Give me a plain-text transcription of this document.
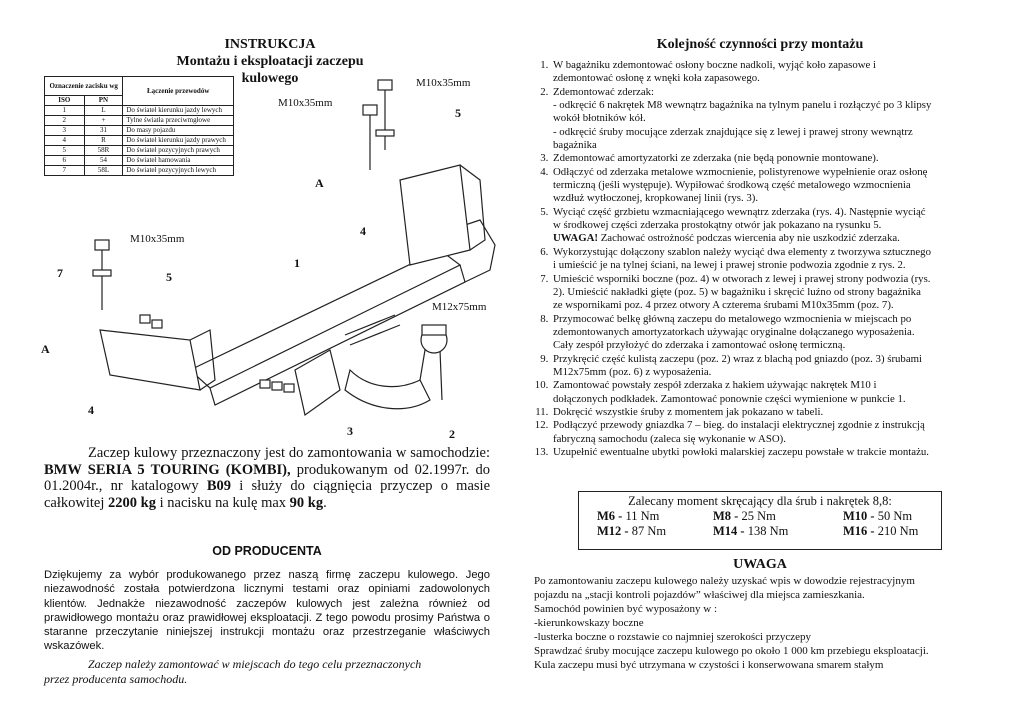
INSTRUKCJA
Montażu i eksploatacji zaczepu kulowego
Oznaczenie zacisku wg		Łączenie przewodów
ISO	PN	
1	L	Do świateł kierunku jazdy lewych
2	+	Tylne światła przeciwmgłowe
3	31	Do masy pojazdu
4	R	Do świateł kierunku jazdy prawych
5	58R	Do świateł pozycyjnych prawych
6	54	Do świateł hamowania
7	58L	Do świateł pozycyjnych lewych
M10x35mm
M10x35mm
M10x35mm
M12x75mm
A
A
1
2
3
4
4
5
5
7
Zaczep kulowy przeznaczony jest do zamontowania w samochodzie: BMW SERIA 5 TOURING (KOMBI), produkowanym od 02.1997r. do 01.2004r., nr katalogowy B09 i służy do ciągnięcia przyczep o masie całkowitej 2200 kg i nacisku na kulę max 90 kg.
OD PRODUCENTA
Dziękujemy za wybór produkowanego przez naszą firmę zaczepu kulowego. Jego niezawodność została potwierdzona licznymi testami oraz opiniami zadowolonych klientów. Jednakże niezawodność zaczepów kulowych jest zależna również od prawidłowego montażu oraz prawidłowej eksploatacji. Z tego powodu prosimy Państwa o staranne przeczytanie niniejszej instrukcji montażu oraz przestrzeganie właściwych wskazówek.
Zaczep należy zamontować w miejscach do tego celu przeznaczonych
przez producenta samochodu.
Kolejność czynności przy montażu
1. W bagażniku zdemontować osłony boczne nadkoli, wyjąć koło zapasowe i
zdemontować osłonę z wnęki koła zapasowego.
2. Zdemontować zderzak:
- odkręcić 6 nakrętek M8 wewnątrz bagażnika na tylnym panelu i rozłączyć po 3 klipsy
wokół błotników kół.
- odkręcić śruby mocujące zderzak znajdujące się z lewej i prawej strony wewnątrz
bagażnika
3. Zdemontować amortyzatorki ze zderzaka (nie będą ponownie montowane).
4. Odłączyć od zderzaka metalowe wzmocnienie, polistyrenowe wypełnienie oraz osłonę
termiczną (jeśli występuje). Wypiłować środkową część metalowego wzmocnienia
wzdłuż wytłoczonej, kropkowanej linii (rys. 3).
5. Wyciąć część grzbietu wzmacniającego wewnątrz zderzaka (rys. 4). Następnie wyciąć
w środkowej części zderzaka prostokątny otwór jak pokazano na rysunku 5.
UWAGA! Zachować ostrożność podczas wiercenia aby nie uszkodzić zderzaka.
6. Wykorzystując dołączony szablon należy wyciąć dwa elementy z tworzywa sztucznego
i umieścić je na tylnej ściani, na lewej i prawej stronie podwozia zgodnie z rys. 2.
7. Umieścić wsporniki boczne (poz. 4) w otworach z lewej i prawej strony podwozia (rys.
2). Umieścić nakładki gięte (poz. 5) w bagażniku i skręcić luźno od strony bagażnika
ze wspornikami poz. 4 przez otwory A czterema śrubami M10x35mm (poz. 7).
8. Przymocować belkę główną zaczepu do metalowego wzmocnienia w miejscach po
zdemontowanych amortyzatorkach używając oryginalne dołączanego wyposażenia.
Cały zespół przyłożyć do zderzaka i zamontować osłonę termiczną.
9. Przykręcić część kulistą zaczepu (poz. 2) wraz z blachą pod gniazdo (poz. 3) śrubami
M12x75mm (poz. 6) z wyposażenia.
10. Zamontować powstały zespół zderzaka z hakiem używając nakrętek M10 i
dołączonych podkładek. Zamontować ponownie części wymienione w punkcie 1.
11. Dokręcić wszystkie śruby z momentem jak pokazano w tabeli.
12. Podłączyć przewody gniazdka 7 – bieg. do instalacji elektrycznej zgodnie z instrukcją
fabryczną samochodu (zaleca się wykonanie w ASO).
13. Uzupełnić ewentualne ubytki powłoki malarskiej zaczepu powstałe w trakcie montażu.
Zalecany moment skręcający dla śrub i nakrętek 8,8:
M6 - 11 Nm	M8 - 25 Nm	M10 - 50 Nm
M12 - 87 Nm	M14 - 138 Nm	M16 - 210 Nm
UWAGA
Po zamontowaniu zaczepu kulowego należy uzyskać wpis w dowodzie rejestracyjnym
pojazdu na „stacji kontroli pojazdów” właściwej dla miejsca zamieszkania.
Samochód powinien być wyposażony w :
-kierunkowskazy boczne
-lusterka boczne o rozstawie co najmniej szerokości przyczepy
Sprawdzać śruby mocujące zaczepu kulowego po około 1 000 km przebiegu eksploatacji.
Kula zaczepu musi być utrzymana w czystości i konserwowana smarem stałym
